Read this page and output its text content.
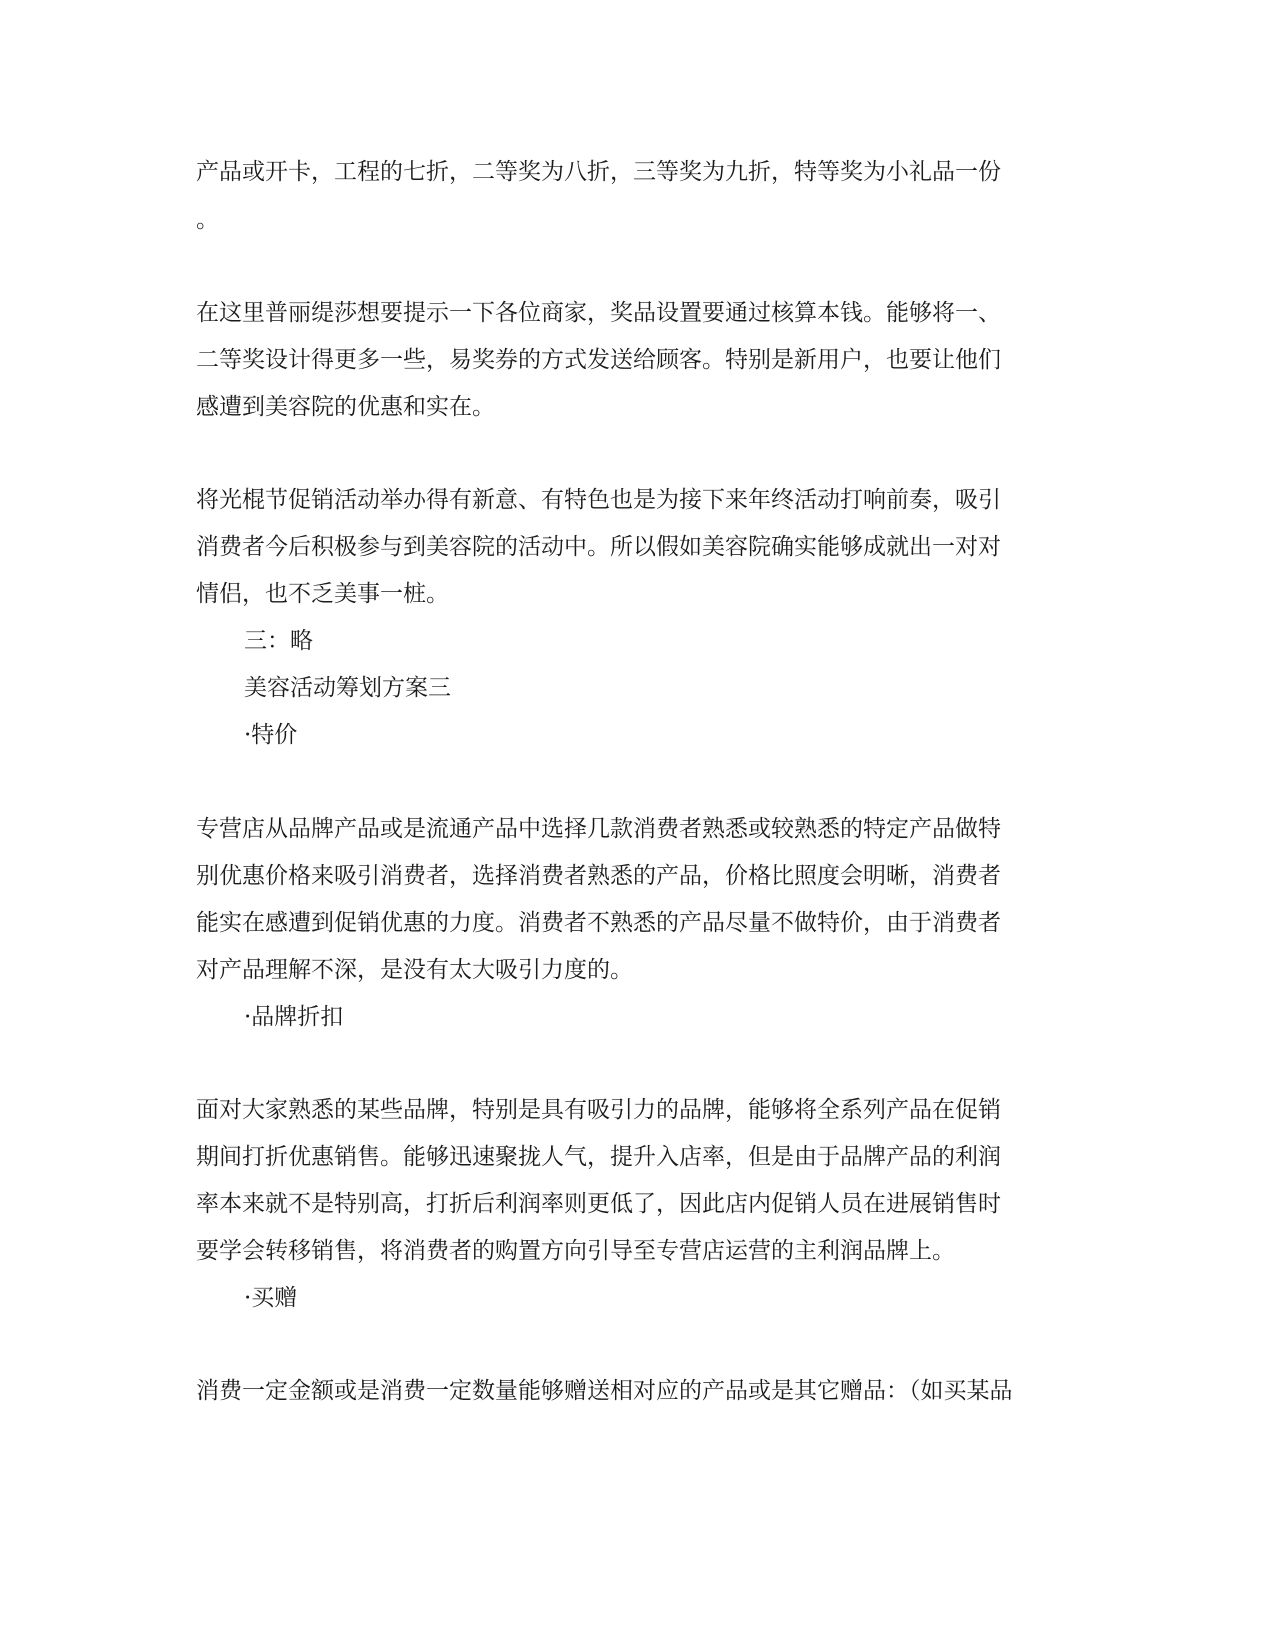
产品或开卡，工程的七折，二等奖为八折，三等奖为九折，特等奖为小礼品一份
。
在这里普丽缇莎想要提示一下各位商家，奖品设置要通过核算本钱。能够将一、
二等奖设计得更多一些，易奖券的方式发送给顾客。特别是新用户，也要让他们
感遭到美容院的优惠和实在。
将光棍节促销活动举办得有新意、有特色也是为接下来年终活动打响前奏，吸引
消费者今后积极参与到美容院的活动中。所以假如美容院确实能够成就出一对对
情侣，也不乏美事一桩。
三：略
美容活动筹划方案三
·特价
专营店从品牌产品或是流通产品中选择几款消费者熟悉或较熟悉的特定产品做特
别优惠价格来吸引消费者，选择消费者熟悉的产品，价格比照度会明晰，消费者
能实在感遭到促销优惠的力度。消费者不熟悉的产品尽量不做特价，由于消费者
对产品理解不深，是没有太大吸引力度的。
·品牌折扣
面对大家熟悉的某些品牌，特别是具有吸引力的品牌，能够将全系列产品在促销
期间打折优惠销售。能够迅速聚拢人气，提升入店率，但是由于品牌产品的利润
率本来就不是特别高，打折后利润率则更低了，因此店内促销人员在进展销售时
要学会转移销售，将消费者的购置方向引导至专营店运营的主利润品牌上。
·买赠
消费一定金额或是消费一定数量能够赠送相对应的产品或是其它赠品：（如买某品
